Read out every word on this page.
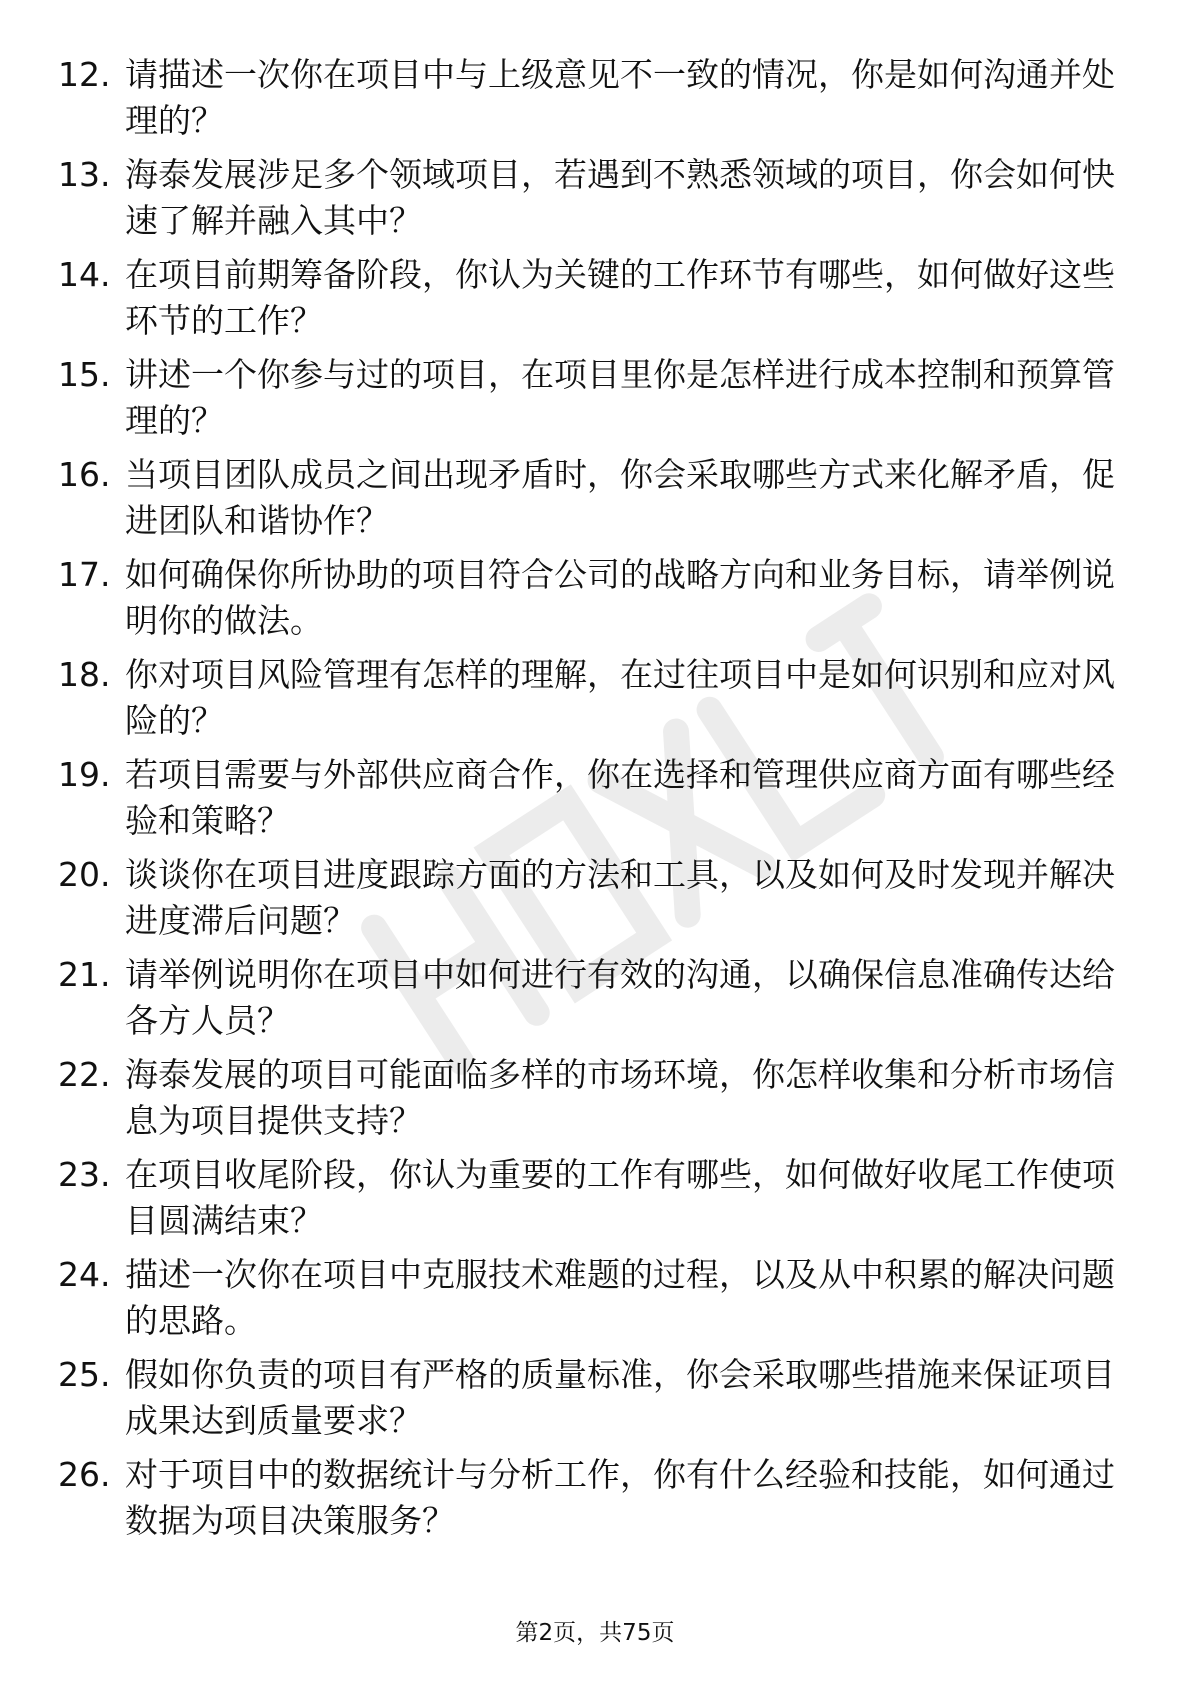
12. 请描述一次你在项目中与上级意见不一致的情况，你是如何沟通并处理的？
13. 海泰发展涉足多个领域项目，若遇到不熟悉领域的项目，你会如何快速了解并融入其中？
14. 在项目前期筹备阶段，你认为关键的工作环节有哪些，如何做好这些环节的工作？
15. 讲述一个你参与过的项目，在项目里你是怎样进行成本控制和预算管理的？
16. 当项目团队成员之间出现矛盾时，你会采取哪些方式来化解矛盾，促进团队和谐协作？
17. 如何确保你所协助的项目符合公司的战略方向和业务目标，请举例说明你的做法。
18. 你对项目风险管理有怎样的理解，在过往项目中是如何识别和应对风险的？
19. 若项目需要与外部供应商合作，你在选择和管理供应商方面有哪些经验和策略？
20. 谈谈你在项目进度跟踪方面的方法和工具，以及如何及时发现并解决进度滞后问题？
21. 请举例说明你在项目中如何进行有效的沟通，以确保信息准确传达给各方人员？
22. 海泰发展的项目可能面临多样的市场环境，你怎样收集和分析市场信息为项目提供支持？
23. 在项目收尾阶段，你认为重要的工作有哪些，如何做好收尾工作使项目圆满结束？
24. 描述一次你在项目中克服技术难题的过程，以及从中积累的解决问题的思路。
25. 假如你负责的项目有严格的质量标准，你会采取哪些措施来保证项目成果达到质量要求？
26. 对于项目中的数据统计与分析工作，你有什么经验和技能，如何通过数据为项目决策服务？
第2页，共75页
